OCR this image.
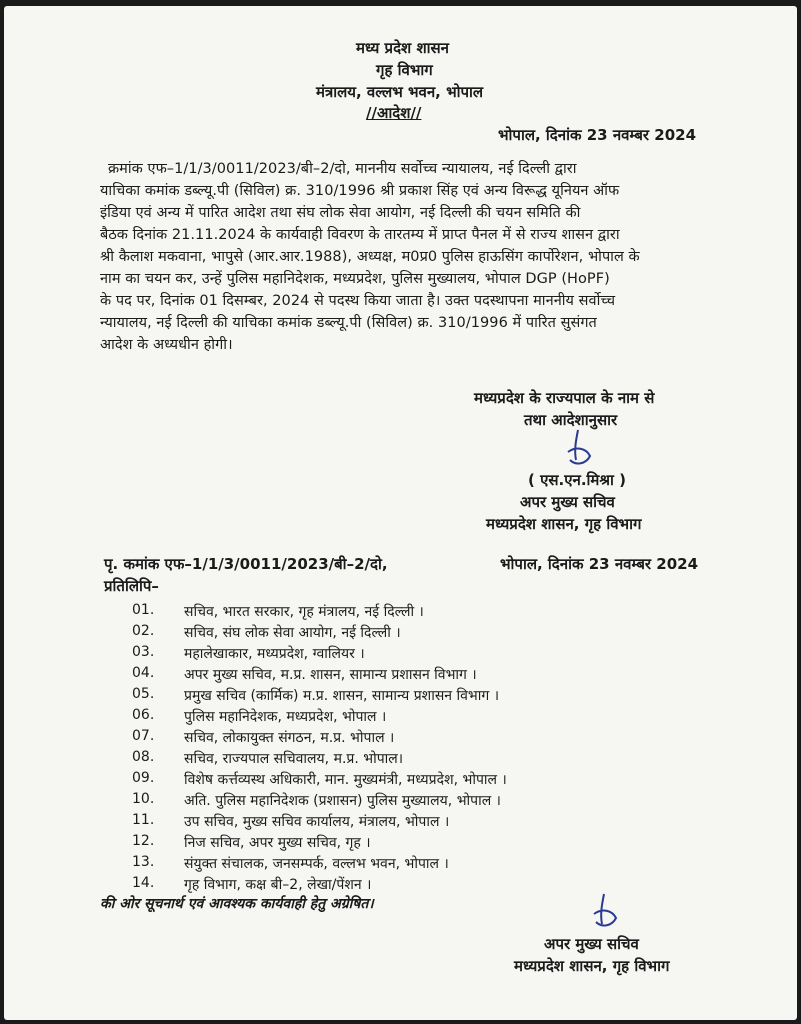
मध्य प्रदेश शासन
गृह विभाग
मंत्रालय, वल्लभ भवन, भोपाल
//आदेश//
भोपाल, दिनांक 23 नवम्बर 2024
क्रमांक एफ–1/1/3/0011/2023/बी–2/दो, माननीय सर्वोच्च न्यायालय, नई दिल्ली द्वारा
याचिका कमांक डब्ल्यू.पी (सिविल) क्र. 310/1996 श्री प्रकाश सिंह एवं अन्य विरूद्ध यूनियन ऑफ
इंडिया एवं अन्य में पारित आदेश तथा संघ लोक सेवा आयोग, नई दिल्ली की चयन समिति की
बैठक दिनांक 21.11.2024 के कार्यवाही विवरण के तारतम्य में प्राप्त पैनल में से राज्य शासन द्वारा
श्री कैलाश मकवाना, भापुसे (आर.आर.1988), अध्यक्ष, म0प्र0 पुलिस हाऊसिंग कार्पोरेशन, भोपाल के
नाम का चयन कर, उन्हें पुलिस महानिदेशक, मध्यप्रदेश, पुलिस मुख्यालय, भोपाल DGP (HoPF)
के पद पर, दिनांक 01 दिसम्बर, 2024 से पदस्थ किया जाता है। उक्त पदस्थापना माननीय सर्वोच्च
न्यायालय, नई दिल्ली की याचिका कमांक डब्ल्यू.पी (सिविल) क्र. 310/1996 में पारित सुसंगत
आदेश के अध्यधीन होगी।
मध्यप्रदेश के राज्यपाल के नाम से
तथा आदेशानुसार
( एस.एन.मिश्रा )
अपर मुख्य सचिव
मध्यप्रदेश शासन, गृह विभाग
पृ. कमांक एफ–1/1/3/0011/2023/बी–2/दो,	भोपाल, दिनांक 23 नवम्बर 2024
प्रतिलिपि–
01. सचिव, भारत सरकार, गृह मंत्रालय, नई दिल्ली ।
02. सचिव, संघ लोक सेवा आयोग, नई दिल्ली ।
03. महालेखाकार, मध्यप्रदेश, ग्वालियर ।
04. अपर मुख्य सचिव, म.प्र. शासन, सामान्य प्रशासन विभाग ।
05. प्रमुख सचिव (कार्मिक) म.प्र. शासन, सामान्य प्रशासन विभाग ।
06. पुलिस महानिदेशक, मध्यप्रदेश, भोपाल ।
07. सचिव, लोकायुक्त संगठन, म.प्र. भोपाल ।
08. सचिव, राज्यपाल सचिवालय, म.प्र. भोपाल।
09. विशेष कर्त्तव्यस्थ अधिकारी, मान. मुख्यमंत्री, मध्यप्रदेश, भोपाल ।
10. अति. पुलिस महानिदेशक (प्रशासन) पुलिस मुख्यालय, भोपाल ।
11. उप सचिव, मुख्य सचिव कार्यालय, मंत्रालय, भोपाल ।
12. निज सचिव, अपर मुख्य सचिव, गृह ।
13. संयुक्त संचालक, जनसम्पर्क, वल्लभ भवन, भोपाल ।
14. गृह विभाग, कक्ष बी–2, लेखा/पेंशन ।
की ओर सूचनार्थ एवं आवश्यक कार्यवाही हेतु अग्रेषित।
अपर मुख्य सचिव
मध्यप्रदेश शासन, गृह विभाग
